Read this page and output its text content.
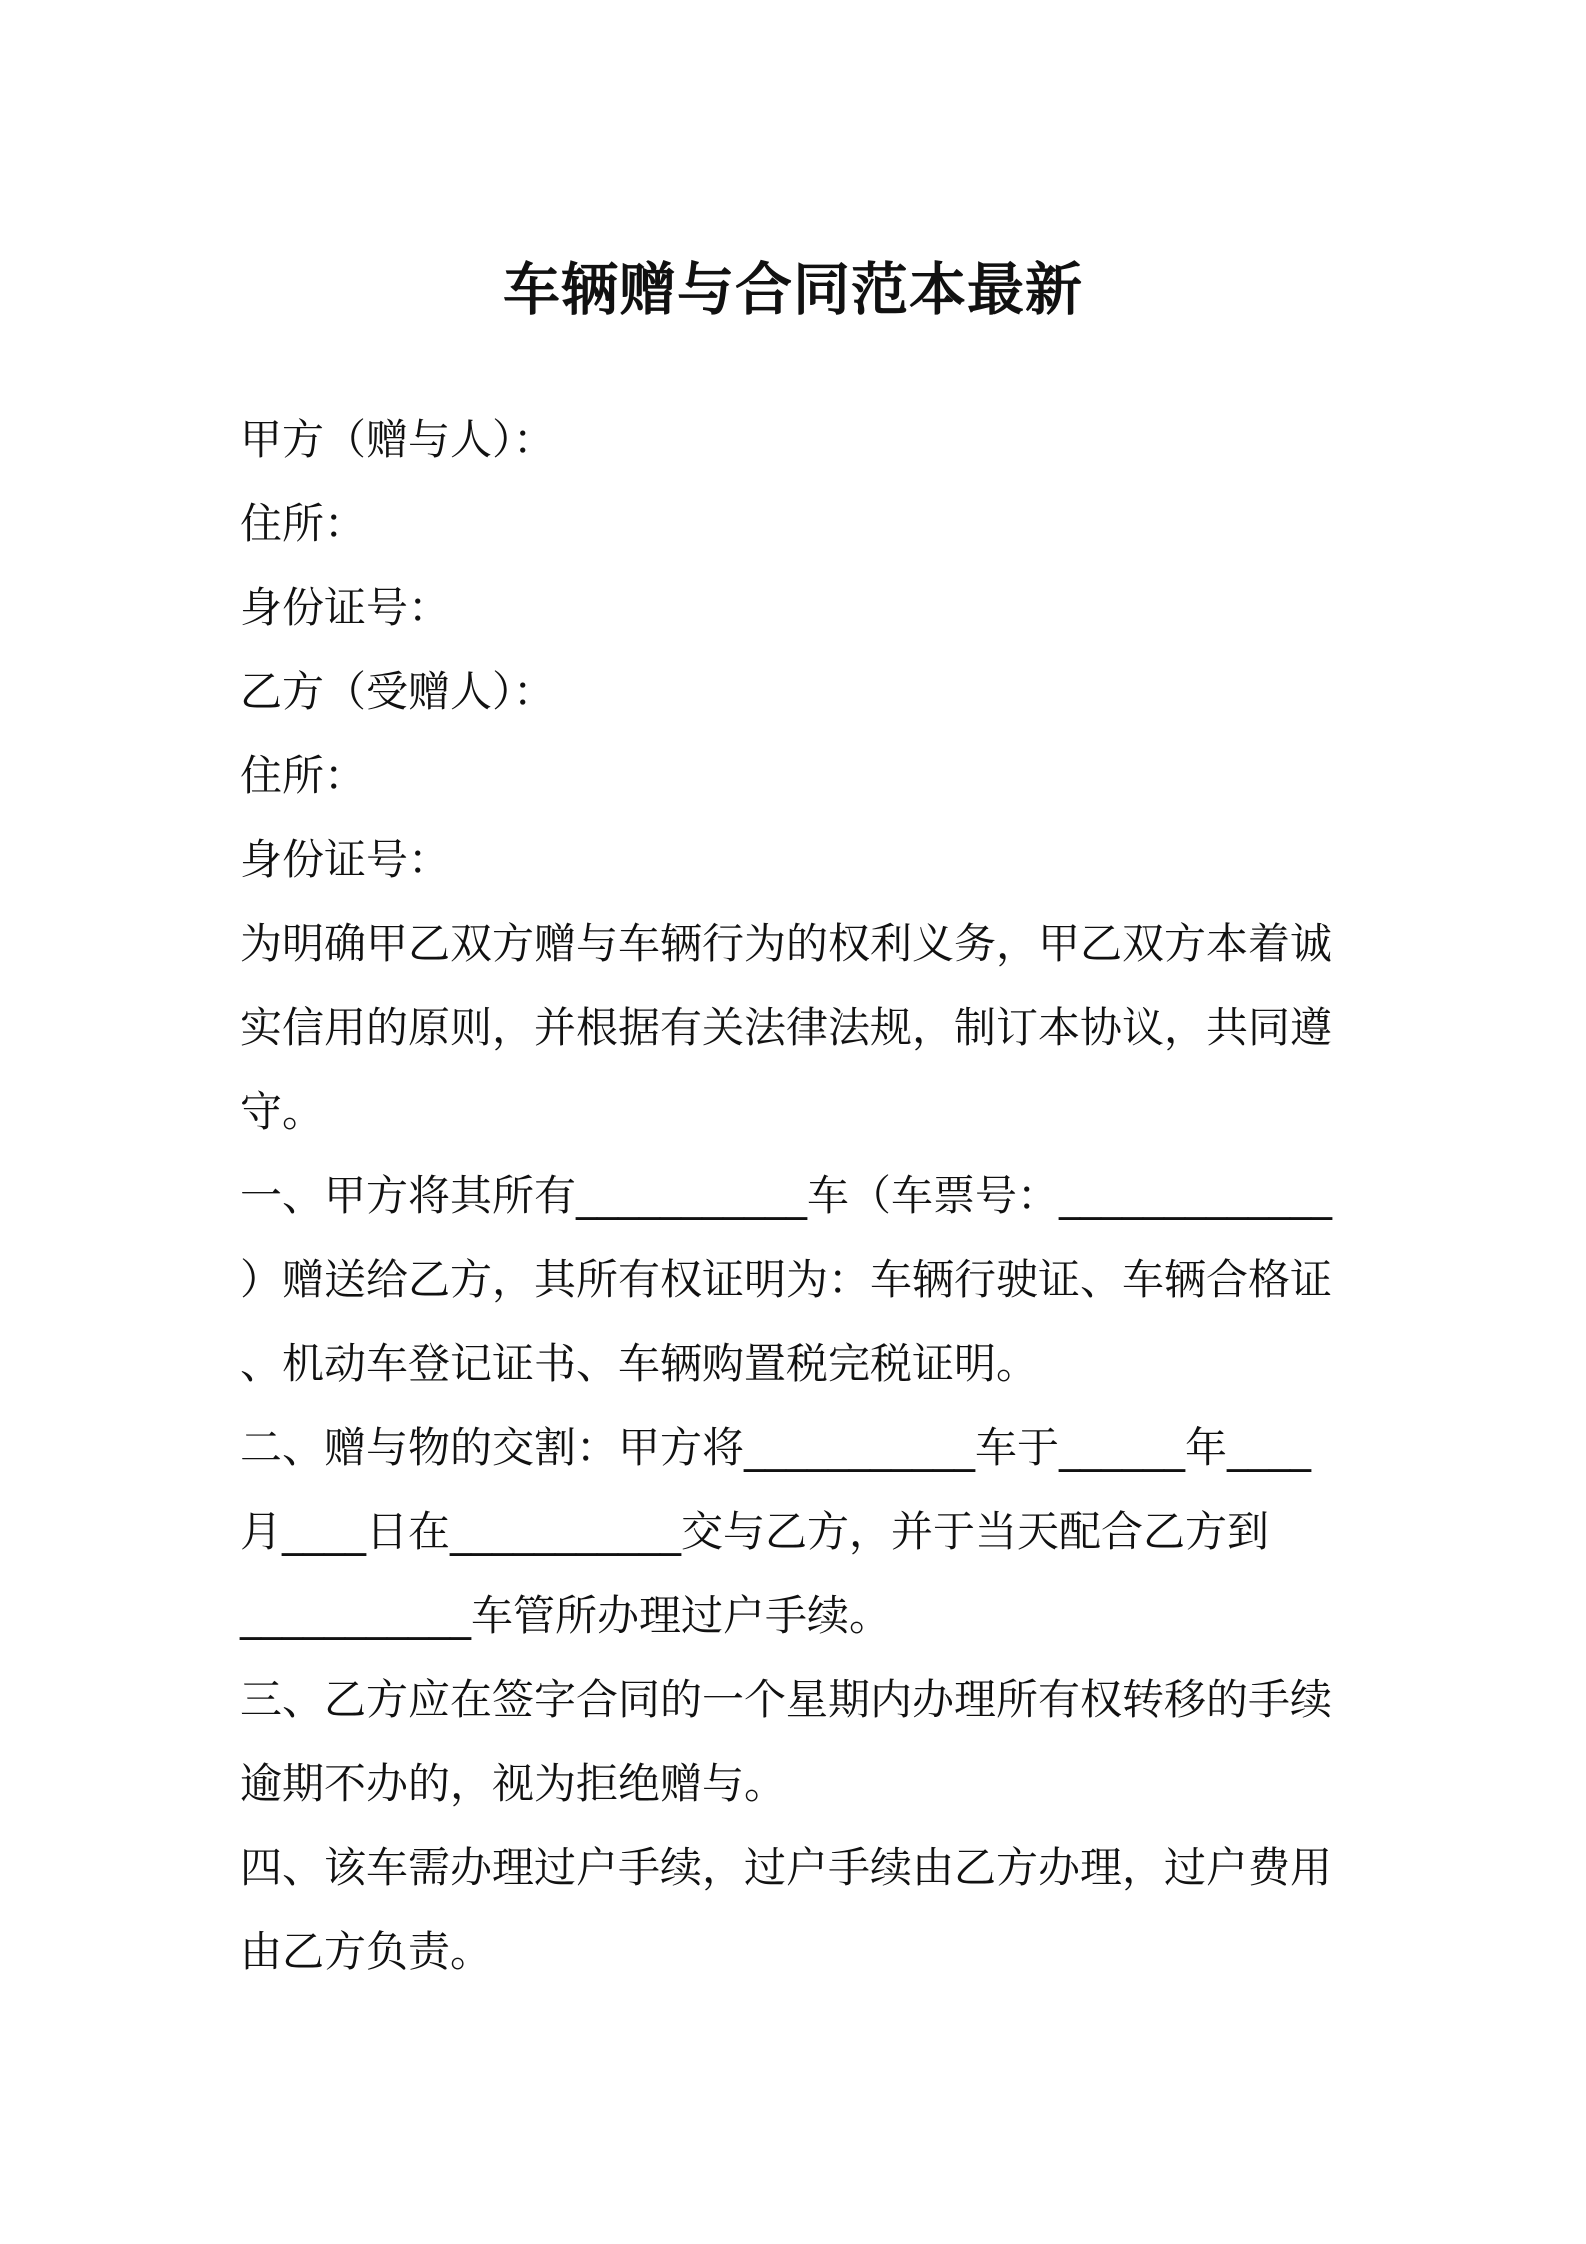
车辆赠与合同范本最新
甲方（赠与人）：
住所：
身份证号：
乙方（受赠人）：
住所：
身份证号：
为明确甲乙双方赠与车辆行为的权利义务，甲乙双方本着诚
实信用的原则，并根据有关法律法规，制订本协议，共同遵
守。
一、甲方将其所有___________车（车票号：_____________
）赠送给乙方，其所有权证明为：车辆行驶证、车辆合格证
、机动车登记证书、车辆购置税完税证明。
二、赠与物的交割：甲方将___________车于______年____
月____日在___________交与乙方，并于当天配合乙方到
___________车管所办理过户手续。
三、乙方应在签字合同的一个星期内办理所有权转移的手续
逾期不办的，视为拒绝赠与。
四、该车需办理过户手续，过户手续由乙方办理，过户费用
由乙方负责。
